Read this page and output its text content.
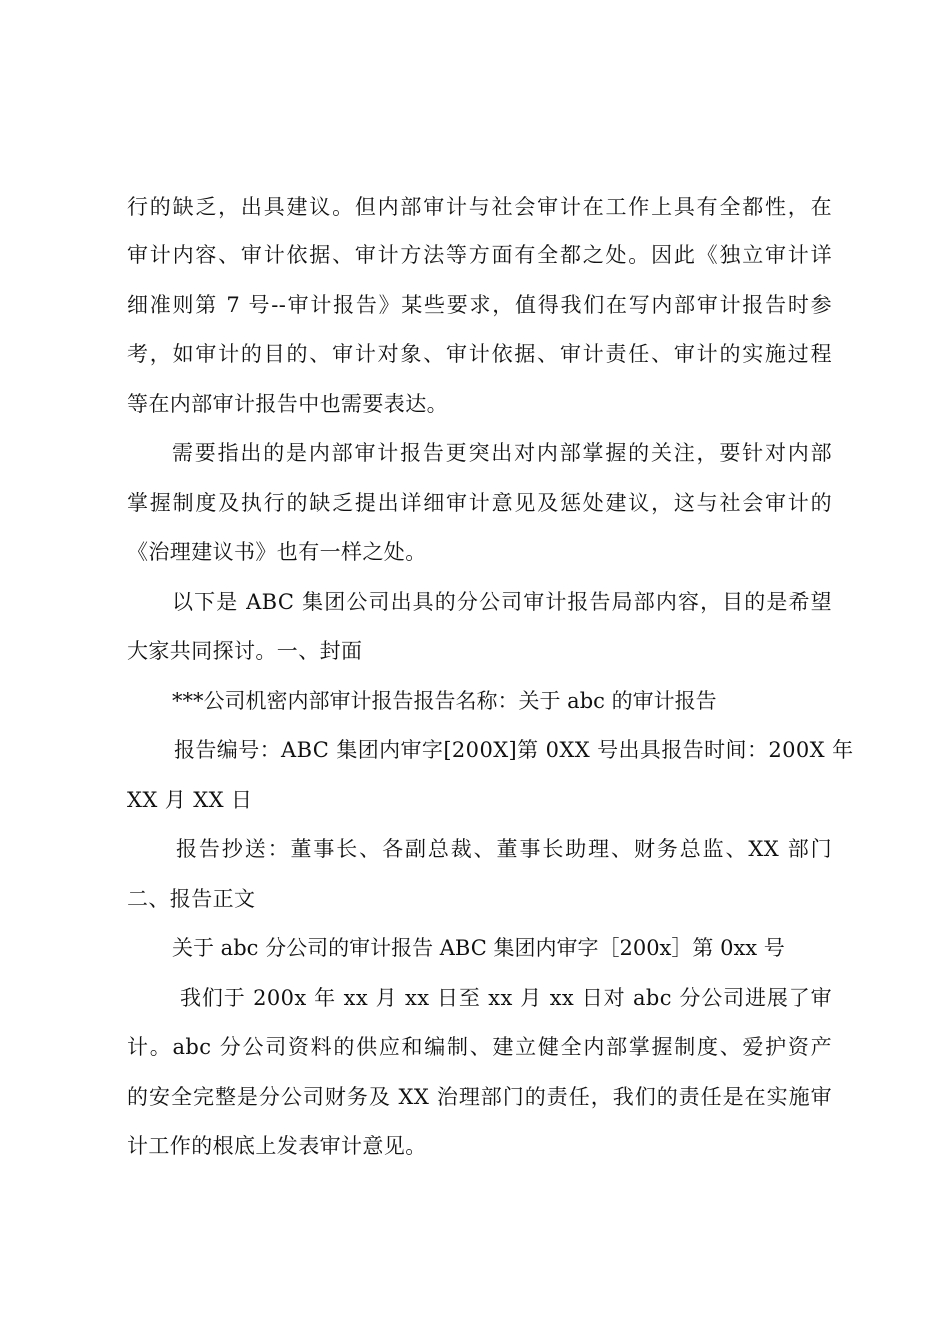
行的缺乏，出具建议。但内部审计与社会审计在工作上具有全都性，在
审计内容、审计依据、审计方法等方面有全都之处。因此《独立审计详
细准则第 7 号--审计报告》某些要求，值得我们在写内部审计报告时参
考，如审计的目的、审计对象、审计依据、审计责任、审计的实施过程
等在内部审计报告中也需要表达。
需要指出的是内部审计报告更突出对内部掌握的关注，要针对内部
掌握制度及执行的缺乏提出详细审计意见及惩处建议，这与社会审计的
《治理建议书》也有一样之处。
以下是 ABC 集团公司出具的分公司审计报告局部内容，目的是希望
大家共同探讨。一、封面
***公司机密内部审计报告报告名称：关于 abc 的审计报告
报告编号：ABC 集团内审字[200X]第 0XX 号出具报告时间：200X 年
XX 月 XX 日
报告抄送：董事长、各副总裁、董事长助理、财务总监、XX 部门
二、报告正文
关于 abc 分公司的审计报告 ABC 集团内审字［200x］第 0xx 号
我们于 200x 年 xx 月 xx 日至 xx 月 xx 日对 abc 分公司进展了审
计。abc 分公司资料的供应和编制、建立健全内部掌握制度、爱护资产
的安全完整是分公司财务及 XX 治理部门的责任，我们的责任是在实施审
计工作的根底上发表审计意见。
